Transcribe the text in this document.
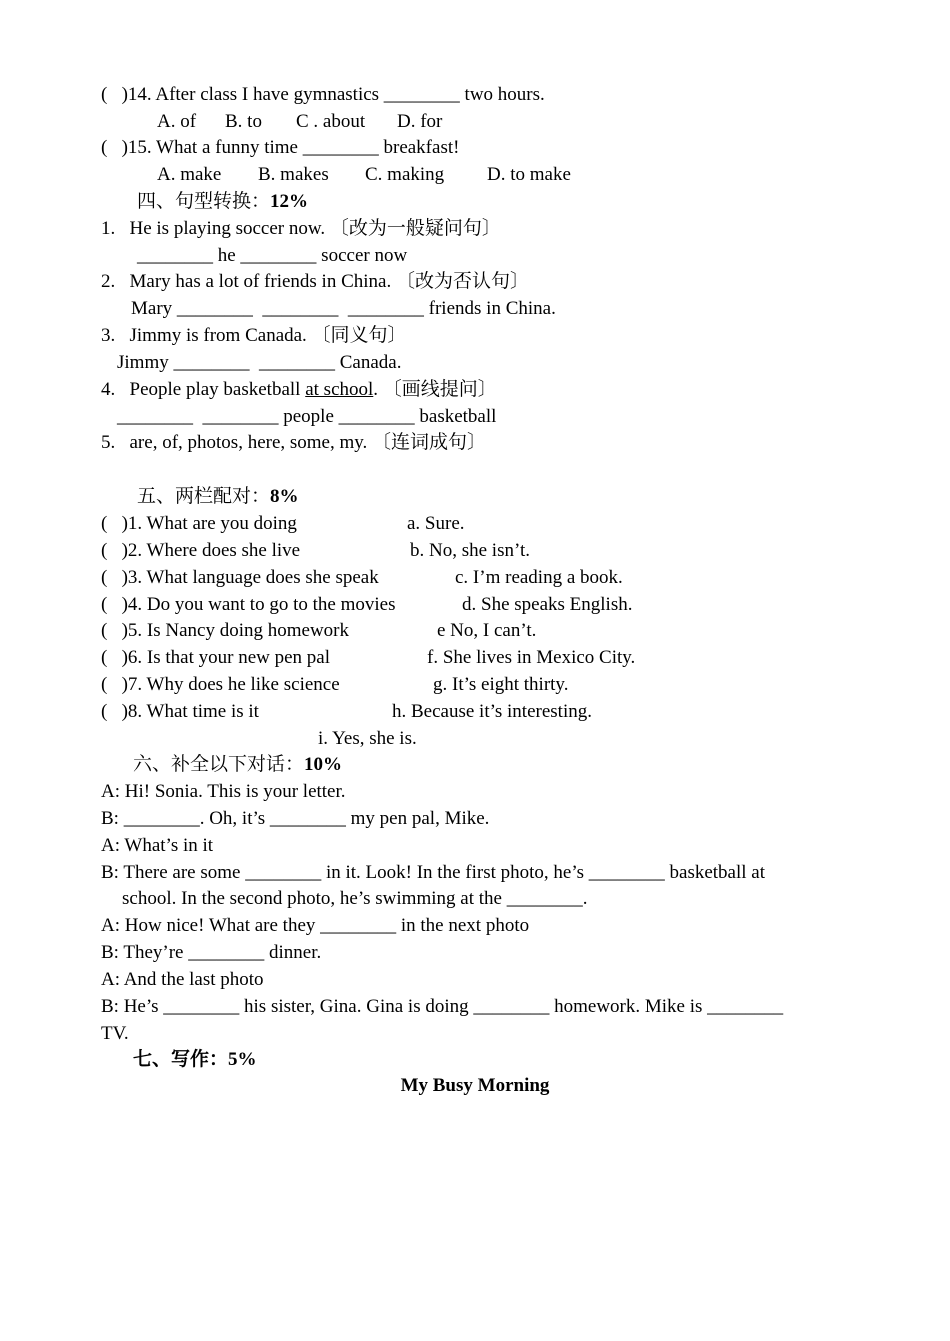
(   )14. After class I have gymnastics ________ two hours.
A. of B. to C . about D. for
(   )15. What a funny time ________ breakfast!
A. make B. makes C. making D. to make
四、句型转换：12%
1.   He is playing soccer now. 〔改为一般疑问句〕
________ he ________ soccer now
2.   Mary has a lot of friends in China. 〔改为否认句〕
Mary ________  ________  ________ friends in China.
3.   Jimmy is from Canada. 〔同义句〕
Jimmy ________  ________ Canada.
4.   People play basketball at school. 〔画线提问〕
________  ________ people ________ basketball
5.   are, of, photos, here, some, my. 〔连词成句〕
五、两栏配对：8%
(   )1. What are you doing	a. Sure.
(   )2. Where does she live	b. No, she isn’t.
(   )3. What language does she speak	c. I’m reading a book.
(   )4. Do you want to go to the movies	d. She speaks English.
(   )5. Is Nancy doing homework	e No, I can’t.
(   )6. Is that your new pen pal	f. She lives in Mexico City.
(   )7. Why does he like science	g. It’s eight thirty.
(   )8. What time is it	h. Because it’s interesting.
i. Yes, she is.
六、补全以下对话：10%
A: Hi! Sonia. This is your letter.
B: ________. Oh, it’s ________ my pen pal, Mike.
A: What’s in it
B: There are some ________ in it. Look! In the first photo, he’s ________ basketball at
school. In the second photo, he’s swimming at the ________.
A: How nice! What are they ________ in the next photo
B: They’re ________ dinner.
A: And the last photo
B: He’s ________ his sister, Gina. Gina is doing ________ homework. Mike is ________
TV.
七、写作：5%
My Busy Morning
